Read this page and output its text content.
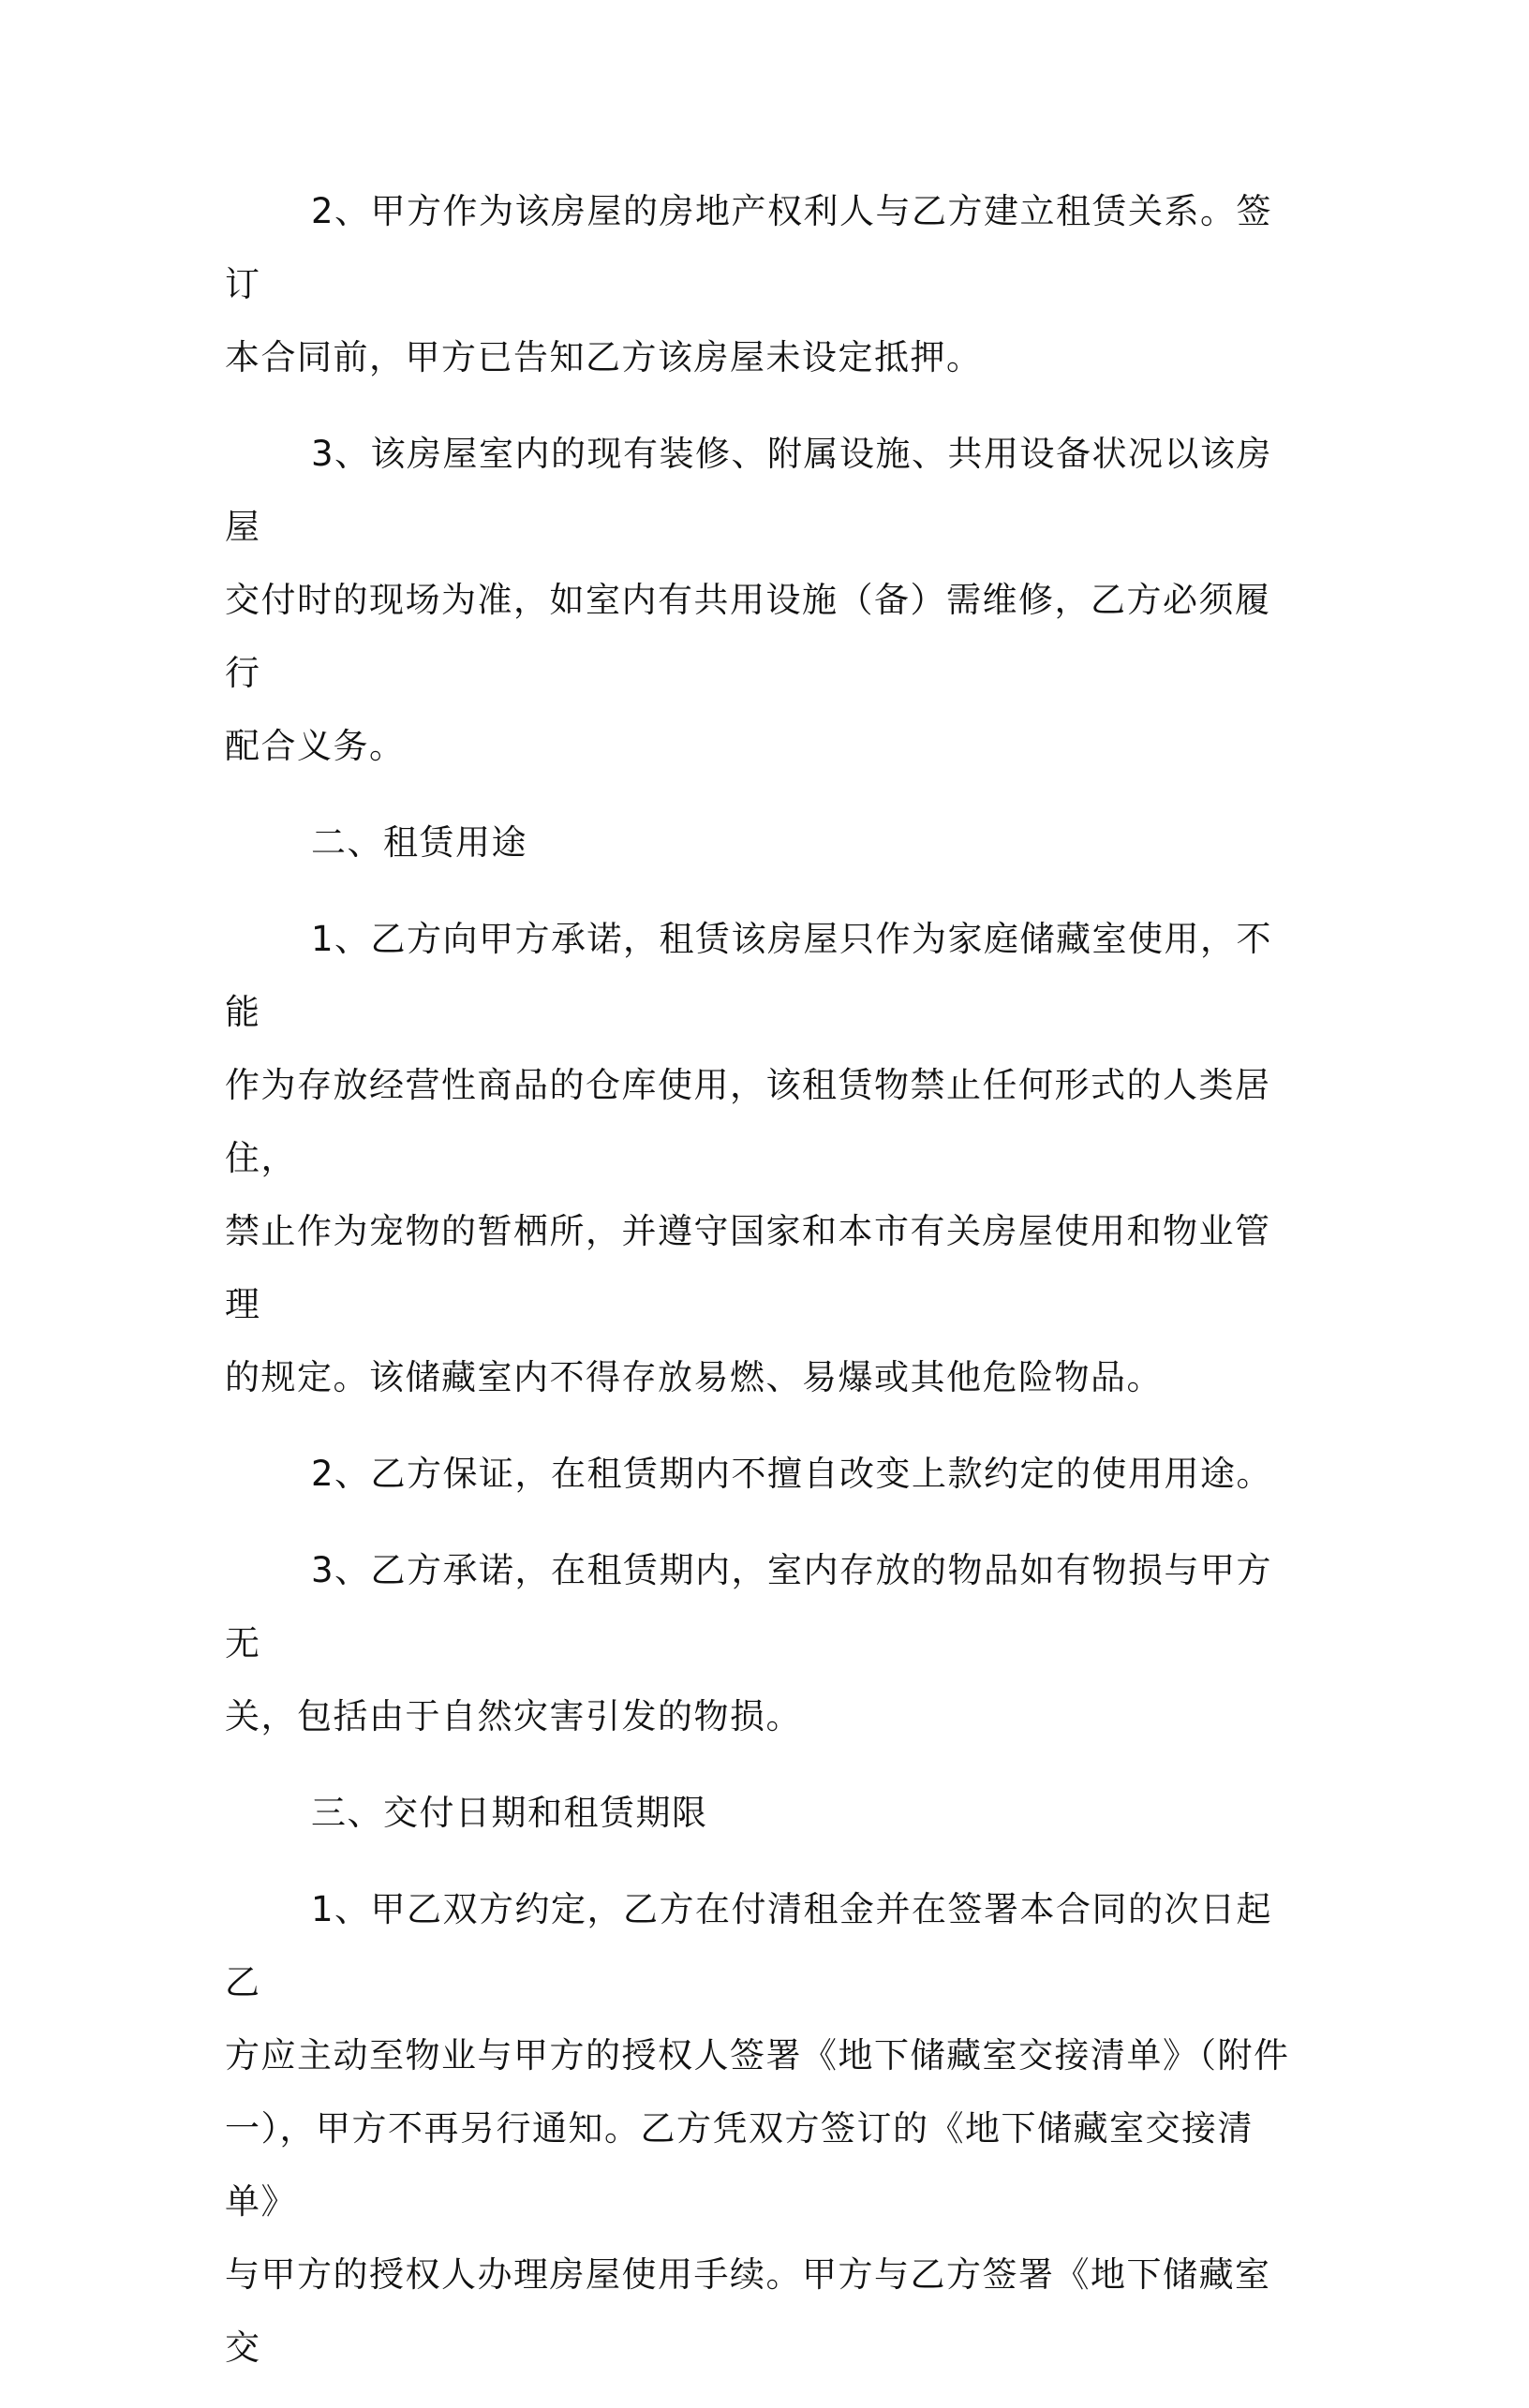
2、甲方作为该房屋的房地产权利人与乙方建立租赁关系。签订
本合同前，甲方已告知乙方该房屋未设定抵押。

3、该房屋室内的现有装修、附属设施、共用设备状况以该房屋
交付时的现场为准，如室内有共用设施（备）需维修，乙方必须履行
配合义务。

二、租赁用途

1、乙方向甲方承诺，租赁该房屋只作为家庭储藏室使用，不能
作为存放经营性商品的仓库使用，该租赁物禁止任何形式的人类居住，
禁止作为宠物的暂栖所，并遵守国家和本市有关房屋使用和物业管理
的规定。该储藏室内不得存放易燃、易爆或其他危险物品。

2、乙方保证，在租赁期内不擅自改变上款约定的使用用途。

3、乙方承诺，在租赁期内，室内存放的物品如有物损与甲方无
关，包括由于自然灾害引发的物损。

三、交付日期和租赁期限

1、甲乙双方约定，乙方在付清租金并在签署本合同的次日起乙
方应主动至物业与甲方的授权人签署《地下储藏室交接清单》（附件
一），甲方不再另行通知。乙方凭双方签订的《地下储藏室交接清单》
与甲方的授权人办理房屋使用手续。甲方与乙方签署《地下储藏室交
